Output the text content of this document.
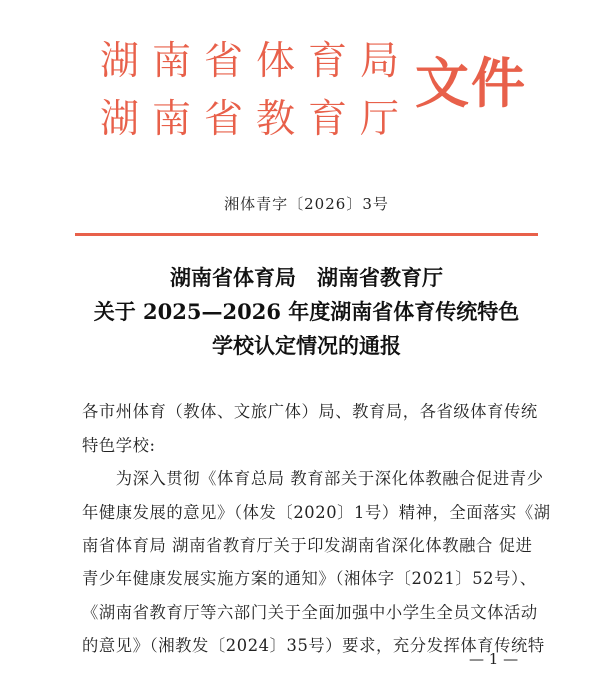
湖南省体育局
湖南省教育厅
文件
湘体青字〔2026〕3号
湖南省体育局　湖南省教育厅
关于 2025—2026 年度湖南省体育传统特色
学校认定情况的通报
各市州体育（教体、文旅广体）局、教育局，各省级体育传统
特色学校:
　　为深入贯彻《体育总局 教育部关于深化体教融合促进青少
年健康发展的意见》（体发〔2020〕1号）精神，全面落实《湖
南省体育局 湖南省教育厅关于印发湖南省深化体教融合 促进
青少年健康发展实施方案的通知》（湘体字〔2021〕52号）、
《湖南省教育厅等六部门关于全面加强中小学生全员文体活动
的意见》（湘教发〔2024〕35号）要求，充分发挥体育传统特
— 1 —
